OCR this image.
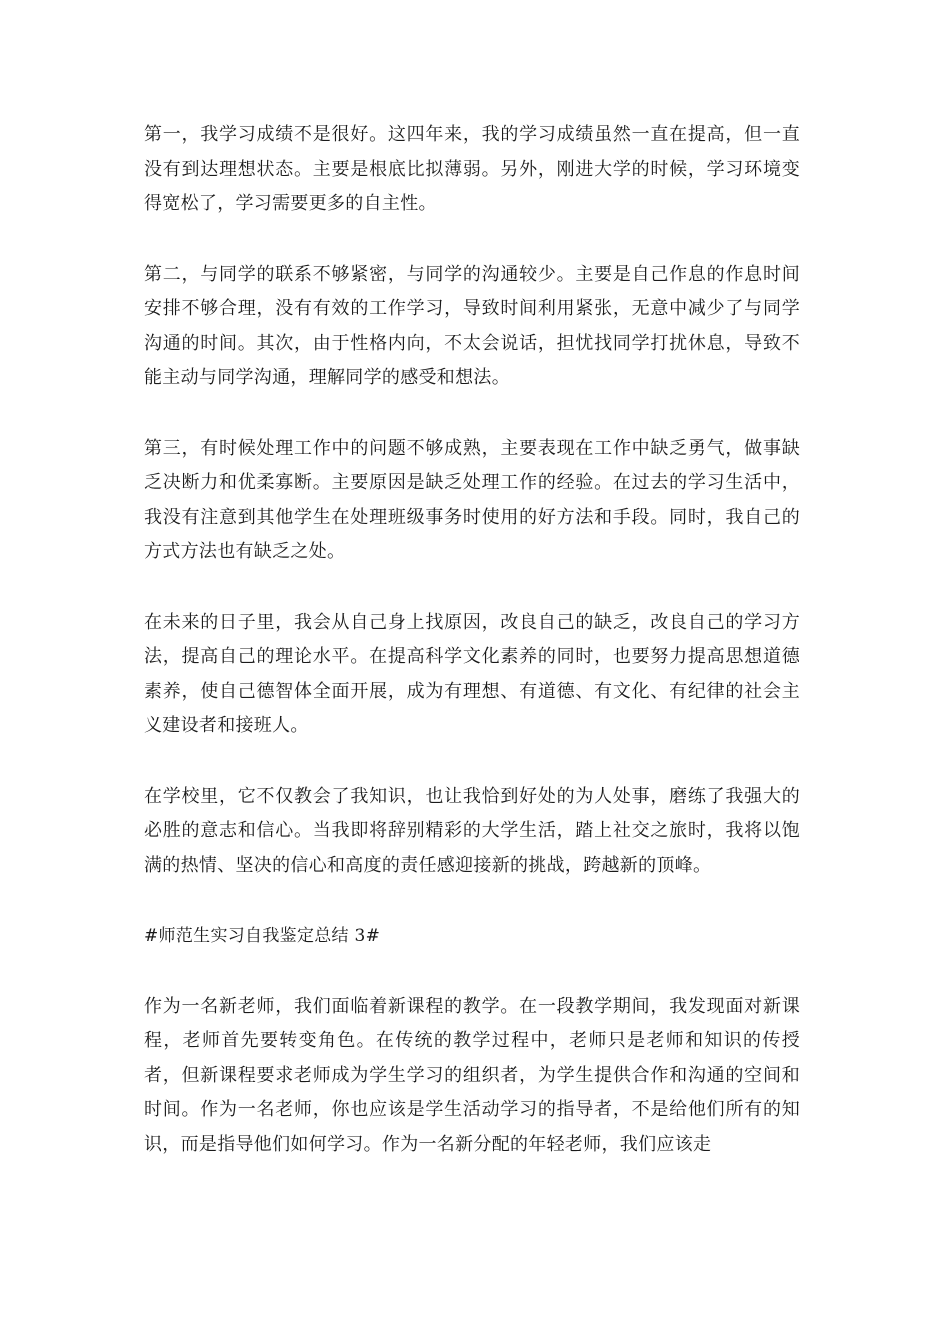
第一，我学习成绩不是很好。这四年来，我的学习成绩虽然一直在提高，但一直没有到达理想状态。主要是根底比拟薄弱。另外，刚进大学的时候，学习环境变得宽松了，学习需要更多的自主性。

第二，与同学的联系不够紧密，与同学的沟通较少。主要是自己作息的作息时间安排不够合理，没有有效的工作学习，导致时间利用紧张，无意中减少了与同学沟通的时间。其次，由于性格内向，不太会说话，担忧找同学打扰休息，导致不能主动与同学沟通，理解同学的感受和想法。

第三，有时候处理工作中的问题不够成熟，主要表现在工作中缺乏勇气，做事缺乏决断力和优柔寡断。主要原因是缺乏处理工作的经验。在过去的学习生活中，我没有注意到其他学生在处理班级事务时使用的好方法和手段。同时，我自己的方式方法也有缺乏之处。

在未来的日子里，我会从自己身上找原因，改良自己的缺乏，改良自己的学习方法，提高自己的理论水平。在提高科学文化素养的同时，也要努力提高思想道德素养，使自己德智体全面开展，成为有理想、有道德、有文化、有纪律的社会主义建设者和接班人。

在学校里，它不仅教会了我知识，也让我恰到好处的为人处事，磨练了我强大的必胜的意志和信心。当我即将辞别精彩的大学生活，踏上社交之旅时，我将以饱满的热情、坚决的信心和高度的责任感迎接新的挑战，跨越新的顶峰。

#师范生实习自我鉴定总结 3#

作为一名新老师，我们面临着新课程的教学。在一段教学期间，我发现面对新课程，老师首先要转变角色。在传统的教学过程中，老师只是老师和知识的传授者，但新课程要求老师成为学生学习的组织者，为学生提供合作和沟通的空间和时间。作为一名老师，你也应该是学生活动学习的指导者，不是给他们所有的知识，而是指导他们如何学习。作为一名新分配的年轻老师，我们应该走
